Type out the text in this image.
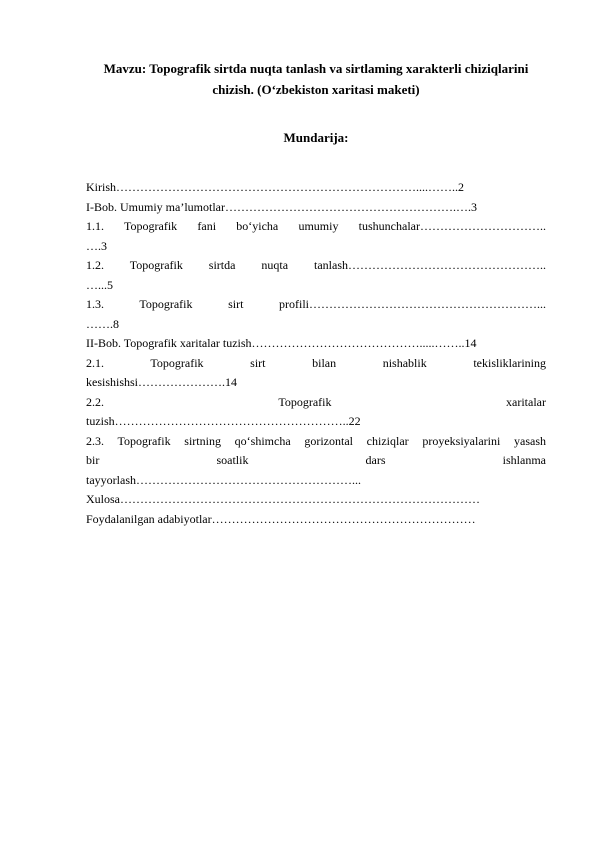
Mavzu: Topografik sirtda nuqta tanlash va sirtlaming xarakterli chiziqlarini
chizish. (O‘zbekiston xaritasi maketi)
Mundarija:
Kirish…………………………………………………………………....……..2
I-Bob. Umumiy ma’lumotlar………………………………………………….….3
1.1. Topografik fani bo‘yicha umumiy tushunchalar…………………………..
….3
1.2. Topografik sirtda nuqta tanlash…………………………………………..
…...5
1.3. Topografik sirt profili…………………………………………………...
…….8
II-Bob. Topografik xaritalar tuzish…………………………………….....……..14
2.1. Topografik sirt bilan nishablik tekisliklarining
kesishishsi………………….14
2.2. Topografik xaritalar
tuzish…………………………………………………..22
2.3. Topografik sirtning qo‘shimcha gorizontal chiziqlar proyeksiyalarini yasash
bir soatlik dars ishlanma
tayyorlash………………………………………………...
Xulosa………………………………………………………………………………
Foydalanilgan adabiyotlar…………………………………………………………
